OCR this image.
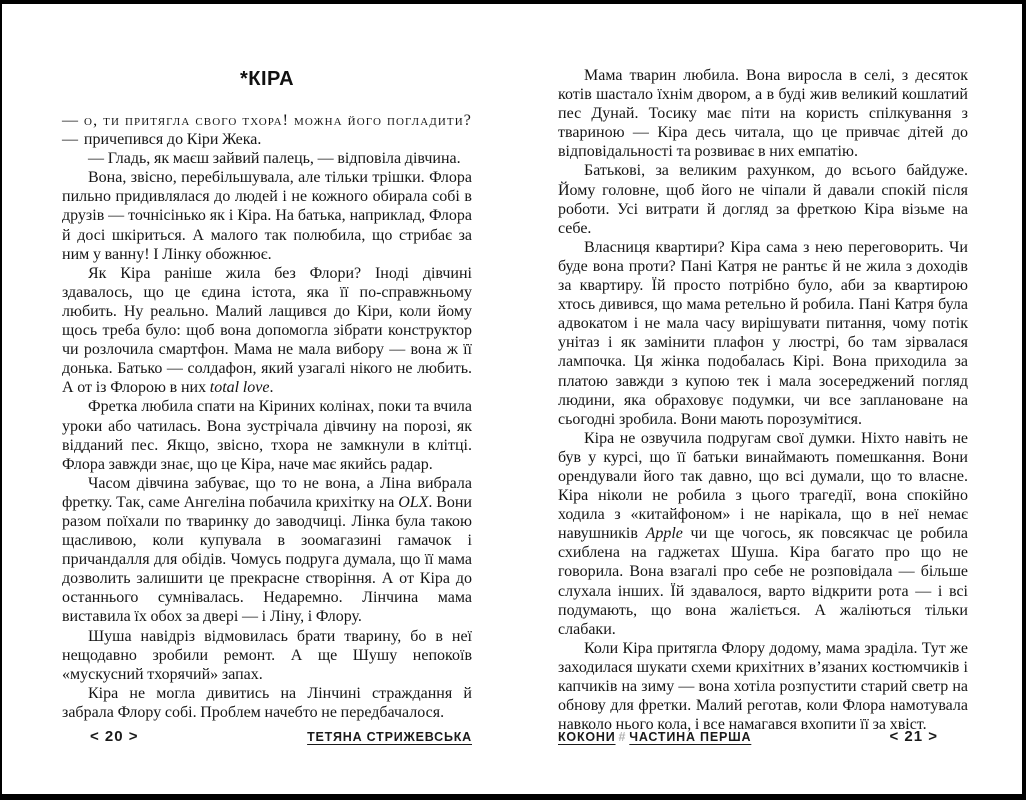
*КІРА

— о, ти притягла свого тхора! можна його погладити? — причепився до Кіри Жека.

— Гладь, як маєш зайвий палець, — відповіла дівчина.

Вона, звісно, перебільшувала, але тільки трішки. Флора пильно придивлялася до людей і не кожного обирала собі в друзів — точнісінько як і Кіра. На батька, наприклад, Флора й досі шкіриться. А малого так полюбила, що стрибає за ним у ванну! І Лінку обожнює.

Як Кіра раніше жила без Флори? Іноді дівчині здавалось, що це єдина істота, яка її по-справжньому любить. Ну реально. Малий лащився до Кіри, коли йому щось треба було: щоб вона допомогла зібрати конструктор чи розлочила смартфон. Мама не мала вибору — вона ж її донька. Батько — солдафон, який узагалі нікого не любить. А от із Флорою в них total love.

Фретка любила спати на Кіриних колінах, поки та вчила уроки або чатилась. Вона зустрічала дівчину на порозі, як відданий пес. Якщо, звісно, тхора не замкнули в клітці. Флора завжди знає, що це Кіра, наче має якийсь радар.

Часом дівчина забуває, що то не вона, а Ліна вибрала фретку. Так, саме Ангеліна побачила крихітку на OLX. Вони разом поїхали по тваринку до заводчиці. Лінка була такою щасливою, коли купувала в зоомагазині гамачок і причандалля для обідів. Чомусь подруга думала, що її мама дозволить залишити це прекрасне створіння. А от Кіра до останнього сумнівалась. Недаремно. Лінчина мама виставила їх обох за двері — і Ліну, і Флору.

Шуша навідріз відмовилась брати тварину, бо в неї нещодавно зробили ремонт. А ще Шушу непокоїв «мускусний тхорячий» запах.

Кіра не могла дивитись на Лінчині страждання й забрала Флору собі. Проблем начебто не передбачалося.

Мама тварин любила. Вона виросла в селі, з десяток котів шастало їхнім двором, а в буді жив великий кошлатий пес Дунай. Тосику має піти на користь спілкування з твариною — Кіра десь читала, що це привчає дітей до відповідальності та розвиває в них емпатію.

Батькові, за великим рахунком, до всього байдуже. Йому головне, щоб його не чіпали й давали спокій після роботи. Усі витрати й догляд за фреткою Кіра візьме на себе.

Власниця квартири? Кіра сама з нею переговорить. Чи буде вона проти? Пані Катря не рантьє й не жила з доходів за квартиру. Їй просто потрібно було, аби за квартирою хтось дивився, що мама ретельно й робила. Пані Катря була адвокатом і не мала часу вирішувати питання, чому потік унітаз і як замінити плафон у люстрі, бо там зірвалася лампочка. Ця жінка подобалась Кірі. Вона приходила за платою завжди з купою тек і мала зосереджений погляд людини, яка обраховує подумки, чи все заплановане на сьогодні зробила. Вони мають порозумітися.

Кіра не озвучила подругам свої думки. Ніхто навіть не був у курсі, що її батьки винаймають помешкання. Вони орендували його так давно, що всі думали, що то власне. Кіра ніколи не робила з цього трагедії, вона спокійно ходила з «китайфоном» і не нарікала, що в неї немає навушників Apple чи ще чогось, як повсякчас це робила схиблена на гаджетах Шуша. Кіра багато про що не говорила. Вона взагалі про себе не розповідала — більше слухала інших. Їй здавалося, варто відкрити рота — і всі подумають, що вона жаліється. А жаліються тільки слабаки.

Коли Кіра притягла Флору додому, мама зраділа. Тут же заходилася шукати схеми крихітних в’язаних костюмчиків і капчиків на зиму — вона хотіла розпустити старий светр на обнову для фретки. Малий реготав, коли Флора намотувала навколо нього кола, і все намагався вхопити її за хвіст.

< 20 >	ТЕТЯНА СТРИЖЕВСЬКА	КОКОНИ # ЧАСТИНА ПЕРША	< 21 >
